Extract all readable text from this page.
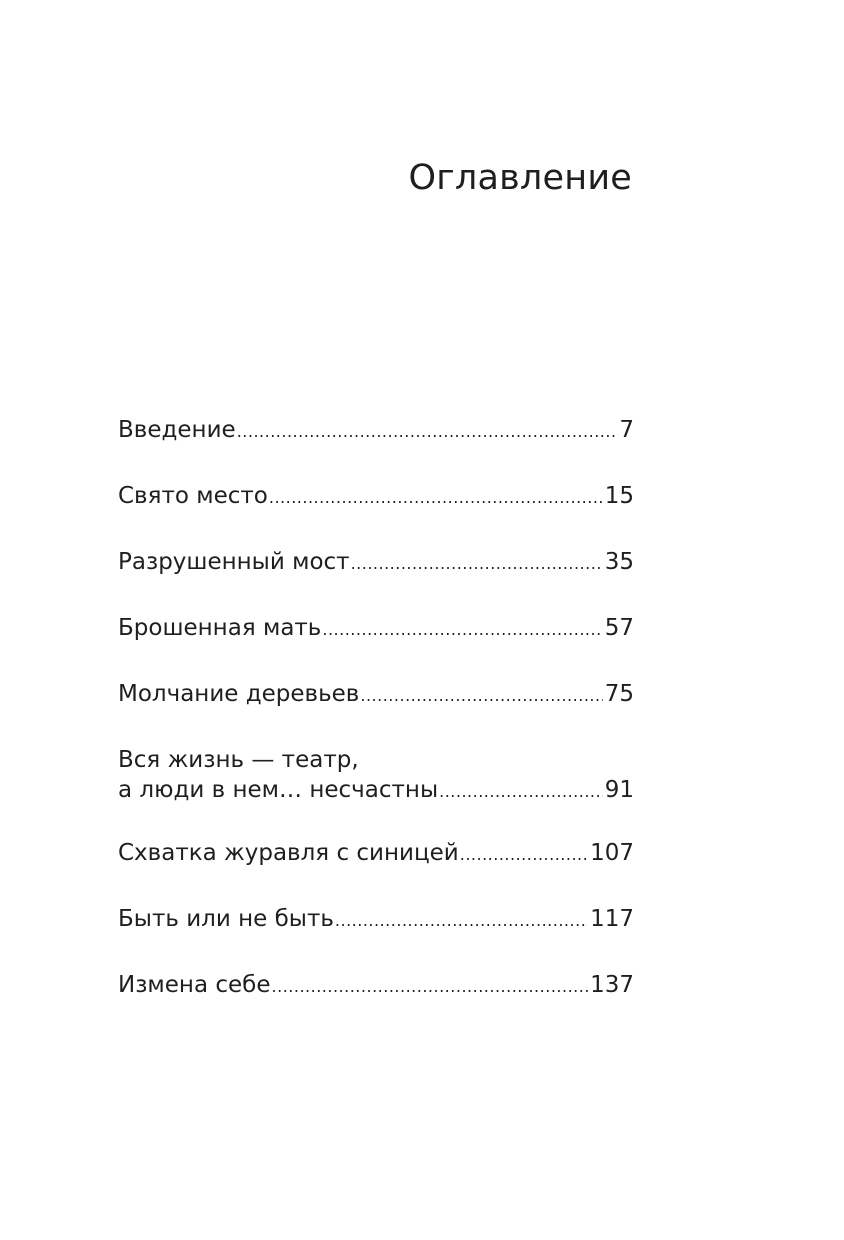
Оглавление
Введение .....	7
Свято место .....	15
Разрушенный мост .....	35
Брошенная мать .....	57
Молчание деревьев .....	75
Вся жизнь — театр,
а люди в нем… несчастны .....	91
Схватка журавля с синицей .....	107
Быть или не быть .....	117
Измена себе .....	137
